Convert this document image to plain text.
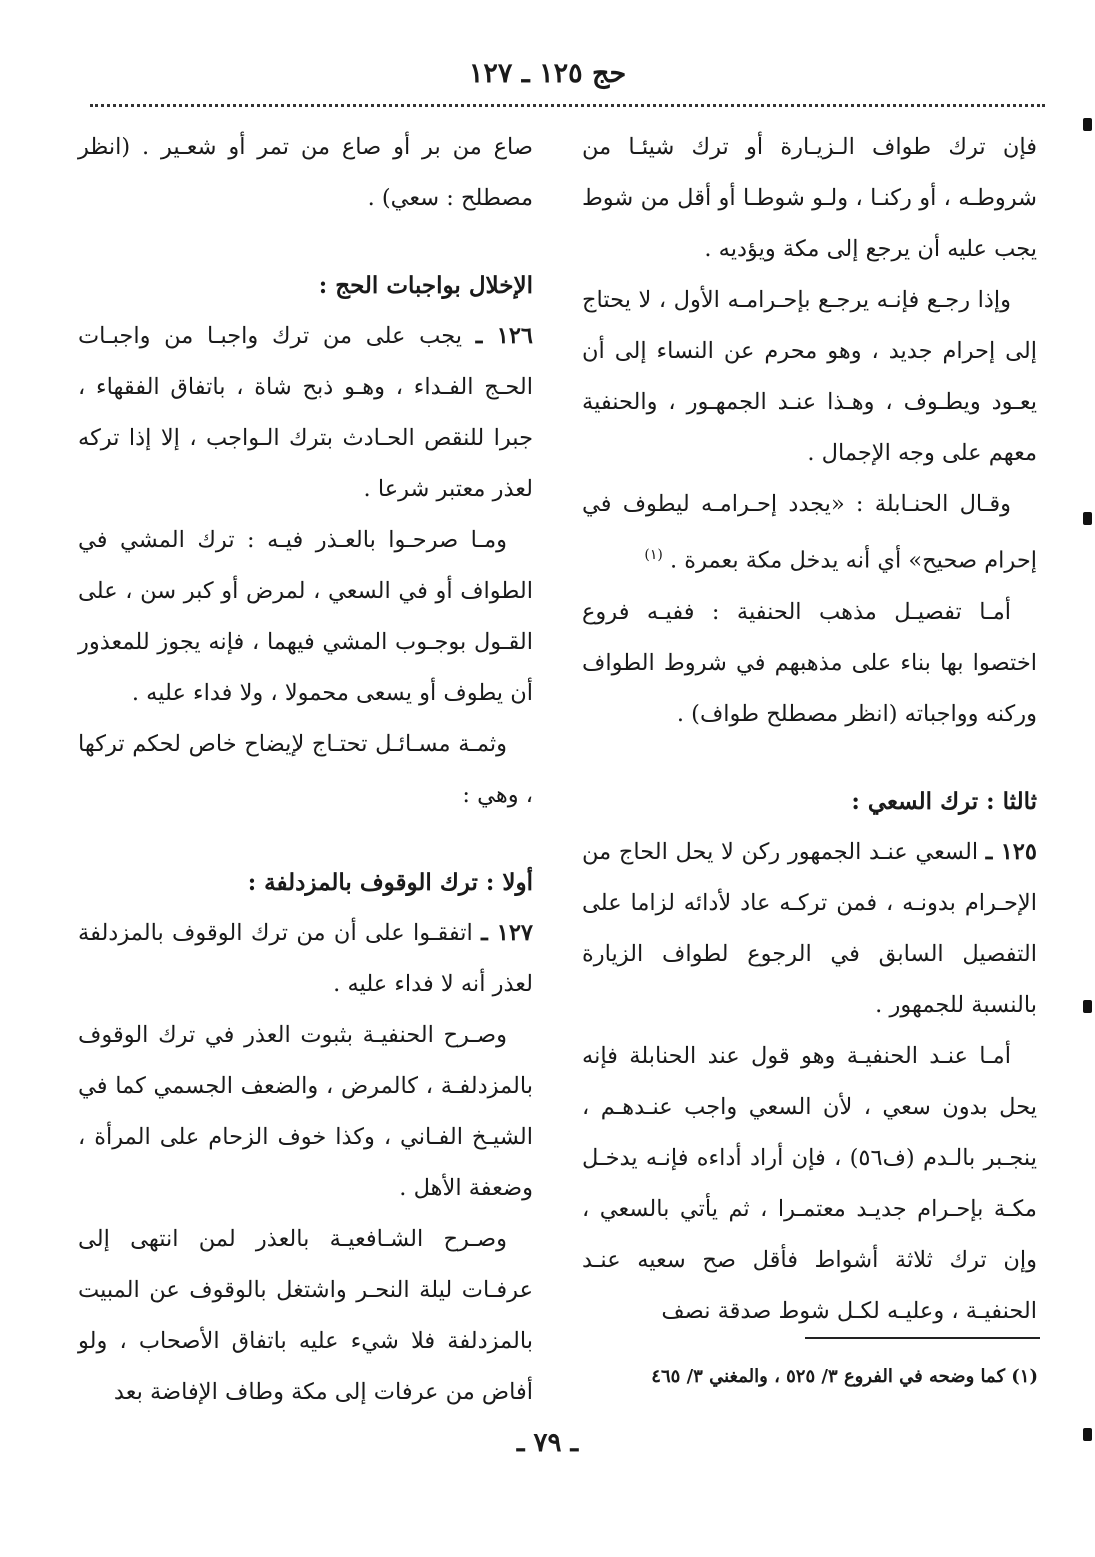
حج ١٢٥ ـ ١٢٧

فإن ترك طواف الـزيـارة أو ترك شيئـا من شروطـه ، أو ركنـا ، ولـو شوطـا أو أقل من شوط يجب عليه أن يرجع إلى مكة ويؤديه .

وإذا رجـع فإنـه يرجـع بإحـرامـه الأول ، لا يحتاج إلى إحرام جديد ، وهو محرم عن النساء إلى أن يعـود ويطـوف ، وهـذا عنـد الجمهـور ، والحنفية معهم على وجه الإجمال .

وقـال الحنـابلة : «يجدد إحـرامـه ليطوف في إحرام صحيح» أي أنه يدخل مكة بعمرة . $^{(١)}$

أمـا تفصيـل مذهب الحنفية : ففيـه فروع اختصوا بها بناء على مذهبهم في شروط الطواف وركنه وواجباته (انظر مصطلح طواف) .

ثالثا : ترك السعي :

١٢٥ ـ السعي عنـد الجمهور ركن لا يحل الحاج من الإحـرام بدونـه ، فمن تركـه عاد لأدائه لزاما على التفصيل السابق في الرجوع لطواف الزيارة بالنسبة للجمهور .

أمـا عنـد الحنفيـة وهو قول عند الحنابلة فإنه يحل بدون سعي ، لأن السعي واجب عنـدهـم ، ينجـبر بالـدم (ف٥٦) ، فإن أراد أداءه فإنـه يدخـل مكـة بإحـرام جديـد معتمـرا ، ثم يأتي بالسعي ، وإن ترك ثلاثة أشواط فأقل صح سعيه عنـد الحنفيـة ، وعليـه لكـل شوط صدقة نصف

صاع من بر أو صاع من تمر أو شعـير . (انظر مصطلح : سعي) .

الإخلال بواجبات الحج :

١٢٦ ـ يجب على من ترك واجبـا من واجبـات الحـج الفـداء ، وهـو ذبح شاة ، باتفاق الفقهاء ، جبرا للنقص الحـادث بترك الـواجب ، إلا إذا تركه لعذر معتبر شرعا .

ومـا صرحـوا بالعـذر فيـه : ترك المشي في الطواف أو في السعي ، لمرض أو كبر سن ، على القـول بوجـوب المشي فيهما ، فإنه يجوز للمعذور أن يطوف أو يسعى محمولا ، ولا فداء عليه .

وثمـة مسـائـل تحتـاج لإيضاح خاص لحكم تركها ، وهي :

أولا : ترك الوقوف بالمزدلفة :

١٢٧ ـ اتفقـوا على أن من ترك الوقوف بالمزدلفة لعذر أنه لا فداء عليه .

وصـرح الحنفيـة بثبوت العذر في ترك الوقوف بالمزدلفـة ، كالمرض ، والضعف الجسمي كما في الشيـخ الفـاني ، وكذا خوف الزحام على المرأة ، وضعفة الأهل .

وصـرح الشـافعيـة بالعذر لمن انتهى إلى عرفـات ليلة النحـر واشتغل بالوقوف عن المبيت بالمزدلفة فلا شيء عليه باتفاق الأصحاب ، ولو أفاض من عرفات إلى مكة وطاف الإفاضة بعد

(١) كما وضحه في الفروع ٣/ ٥٢٥ ، والمغني ٣/ ٤٦٥
ـ ٧٩ ـ
